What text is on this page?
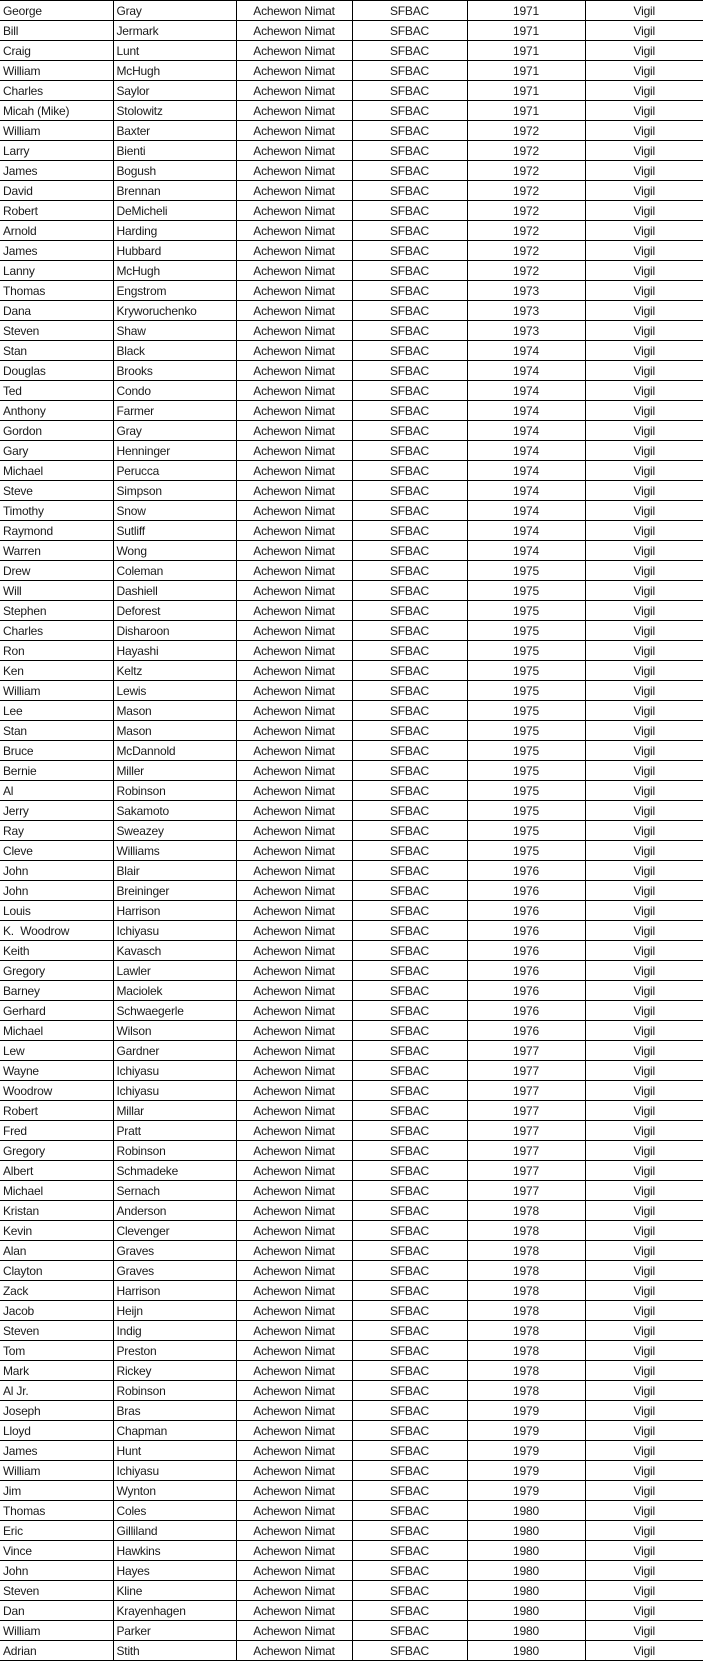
George	Gray	Achewon Nimat	SFBAC	1971	Vigil
Bill	Jermark	Achewon Nimat	SFBAC	1971	Vigil
Craig	Lunt	Achewon Nimat	SFBAC	1971	Vigil
William	McHugh	Achewon Nimat	SFBAC	1971	Vigil
Charles	Saylor	Achewon Nimat	SFBAC	1971	Vigil
Micah (Mike)	Stolowitz	Achewon Nimat	SFBAC	1971	Vigil
William	Baxter	Achewon Nimat	SFBAC	1972	Vigil
Larry	Bienti	Achewon Nimat	SFBAC	1972	Vigil
James	Bogush	Achewon Nimat	SFBAC	1972	Vigil
David	Brennan	Achewon Nimat	SFBAC	1972	Vigil
Robert	DeMicheli	Achewon Nimat	SFBAC	1972	Vigil
Arnold	Harding	Achewon Nimat	SFBAC	1972	Vigil
James	Hubbard	Achewon Nimat	SFBAC	1972	Vigil
Lanny	McHugh	Achewon Nimat	SFBAC	1972	Vigil
Thomas	Engstrom	Achewon Nimat	SFBAC	1973	Vigil
Dana	Kryworuchenko	Achewon Nimat	SFBAC	1973	Vigil
Steven	Shaw	Achewon Nimat	SFBAC	1973	Vigil
Stan	Black	Achewon Nimat	SFBAC	1974	Vigil
Douglas	Brooks	Achewon Nimat	SFBAC	1974	Vigil
Ted	Condo	Achewon Nimat	SFBAC	1974	Vigil
Anthony	Farmer	Achewon Nimat	SFBAC	1974	Vigil
Gordon	Gray	Achewon Nimat	SFBAC	1974	Vigil
Gary	Henninger	Achewon Nimat	SFBAC	1974	Vigil
Michael	Perucca	Achewon Nimat	SFBAC	1974	Vigil
Steve	Simpson	Achewon Nimat	SFBAC	1974	Vigil
Timothy	Snow	Achewon Nimat	SFBAC	1974	Vigil
Raymond	Sutliff	Achewon Nimat	SFBAC	1974	Vigil
Warren	Wong	Achewon Nimat	SFBAC	1974	Vigil
Drew	Coleman	Achewon Nimat	SFBAC	1975	Vigil
Will	Dashiell	Achewon Nimat	SFBAC	1975	Vigil
Stephen	Deforest	Achewon Nimat	SFBAC	1975	Vigil
Charles	Disharoon	Achewon Nimat	SFBAC	1975	Vigil
Ron	Hayashi	Achewon Nimat	SFBAC	1975	Vigil
Ken	Keltz	Achewon Nimat	SFBAC	1975	Vigil
William	Lewis	Achewon Nimat	SFBAC	1975	Vigil
Lee	Mason	Achewon Nimat	SFBAC	1975	Vigil
Stan	Mason	Achewon Nimat	SFBAC	1975	Vigil
Bruce	McDannold	Achewon Nimat	SFBAC	1975	Vigil
Bernie	Miller	Achewon Nimat	SFBAC	1975	Vigil
Al	Robinson	Achewon Nimat	SFBAC	1975	Vigil
Jerry	Sakamoto	Achewon Nimat	SFBAC	1975	Vigil
Ray	Sweazey	Achewon Nimat	SFBAC	1975	Vigil
Cleve	Williams	Achewon Nimat	SFBAC	1975	Vigil
John	Blair	Achewon Nimat	SFBAC	1976	Vigil
John	Breininger	Achewon Nimat	SFBAC	1976	Vigil
Louis	Harrison	Achewon Nimat	SFBAC	1976	Vigil
K.  Woodrow	Ichiyasu	Achewon Nimat	SFBAC	1976	Vigil
Keith	Kavasch	Achewon Nimat	SFBAC	1976	Vigil
Gregory	Lawler	Achewon Nimat	SFBAC	1976	Vigil
Barney	Maciolek	Achewon Nimat	SFBAC	1976	Vigil
Gerhard	Schwaegerle	Achewon Nimat	SFBAC	1976	Vigil
Michael	Wilson	Achewon Nimat	SFBAC	1976	Vigil
Lew	Gardner	Achewon Nimat	SFBAC	1977	Vigil
Wayne	Ichiyasu	Achewon Nimat	SFBAC	1977	Vigil
Woodrow	Ichiyasu	Achewon Nimat	SFBAC	1977	Vigil
Robert	Millar	Achewon Nimat	SFBAC	1977	Vigil
Fred	Pratt	Achewon Nimat	SFBAC	1977	Vigil
Gregory	Robinson	Achewon Nimat	SFBAC	1977	Vigil
Albert	Schmadeke	Achewon Nimat	SFBAC	1977	Vigil
Michael	Sernach	Achewon Nimat	SFBAC	1977	Vigil
Kristan	Anderson	Achewon Nimat	SFBAC	1978	Vigil
Kevin	Clevenger	Achewon Nimat	SFBAC	1978	Vigil
Alan	Graves	Achewon Nimat	SFBAC	1978	Vigil
Clayton	Graves	Achewon Nimat	SFBAC	1978	Vigil
Zack	Harrison	Achewon Nimat	SFBAC	1978	Vigil
Jacob	Heijn	Achewon Nimat	SFBAC	1978	Vigil
Steven	Indig	Achewon Nimat	SFBAC	1978	Vigil
Tom	Preston	Achewon Nimat	SFBAC	1978	Vigil
Mark	Rickey	Achewon Nimat	SFBAC	1978	Vigil
Al Jr.	Robinson	Achewon Nimat	SFBAC	1978	Vigil
Joseph	Bras	Achewon Nimat	SFBAC	1979	Vigil
Lloyd	Chapman	Achewon Nimat	SFBAC	1979	Vigil
James	Hunt	Achewon Nimat	SFBAC	1979	Vigil
William	Ichiyasu	Achewon Nimat	SFBAC	1979	Vigil
Jim	Wynton	Achewon Nimat	SFBAC	1979	Vigil
Thomas	Coles	Achewon Nimat	SFBAC	1980	Vigil
Eric	Gilliland	Achewon Nimat	SFBAC	1980	Vigil
Vince	Hawkins	Achewon Nimat	SFBAC	1980	Vigil
John	Hayes	Achewon Nimat	SFBAC	1980	Vigil
Steven	Kline	Achewon Nimat	SFBAC	1980	Vigil
Dan	Krayenhagen	Achewon Nimat	SFBAC	1980	Vigil
William	Parker	Achewon Nimat	SFBAC	1980	Vigil
Adrian	Stith	Achewon Nimat	SFBAC	1980	Vigil
